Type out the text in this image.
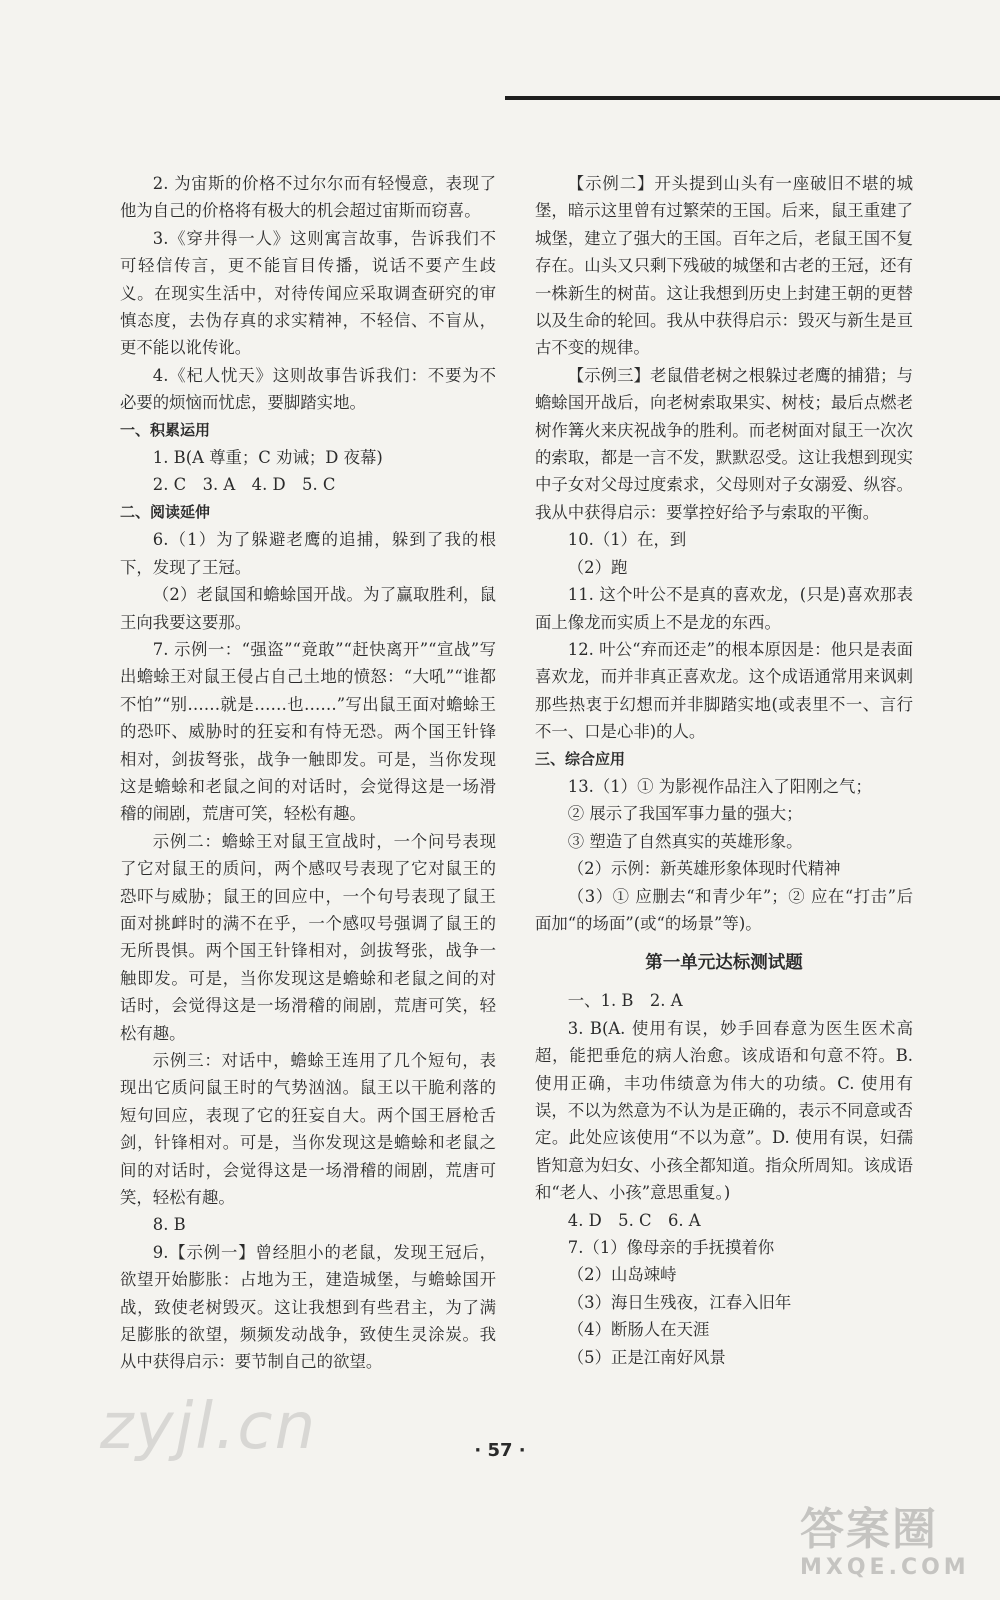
2. 为宙斯的价格不过尔尔而有轻慢意，表现了他为自己的价格将有极大的机会超过宙斯而窃喜。

3.《穿井得一人》这则寓言故事，告诉我们不可轻信传言，更不能盲目传播，说话不要产生歧义。在现实生活中，对待传闻应采取调查研究的审慎态度，去伪存真的求实精神，不轻信、不盲从，更不能以讹传讹。

4.《杞人忧天》这则故事告诉我们：不要为不必要的烦恼而忧虑，要脚踏实地。

一、积累运用

1. B(A 尊重；C 劝诫；D 夜幕)

2. C　3. A　4. D　5. C

二、阅读延伸

6.（1）为了躲避老鹰的追捕，躲到了我的根下，发现了王冠。

（2）老鼠国和蟾蜍国开战。为了赢取胜利，鼠王向我要这要那。

7. 示例一：“强盗”“竟敢”“赶快离开”“宣战”写出蟾蜍王对鼠王侵占自己土地的愤怒：“大吼”“谁都不怕”“别……就是……也……”写出鼠王面对蟾蜍王的恐吓、威胁时的狂妄和有恃无恐。两个国王针锋相对，剑拔弩张，战争一触即发。可是，当你发现这是蟾蜍和老鼠之间的对话时，会觉得这是一场滑稽的闹剧，荒唐可笑，轻松有趣。

示例二：蟾蜍王对鼠王宣战时，一个问号表现了它对鼠王的质问，两个感叹号表现了它对鼠王的恐吓与威胁；鼠王的回应中，一个句号表现了鼠王面对挑衅时的满不在乎，一个感叹号强调了鼠王的无所畏惧。两个国王针锋相对，剑拔弩张，战争一触即发。可是，当你发现这是蟾蜍和老鼠之间的对话时，会觉得这是一场滑稽的闹剧，荒唐可笑，轻松有趣。

示例三：对话中，蟾蜍王连用了几个短句，表现出它质问鼠王时的气势汹汹。鼠王以干脆利落的短句回应，表现了它的狂妄自大。两个国王唇枪舌剑，针锋相对。可是，当你发现这是蟾蜍和老鼠之间的对话时，会觉得这是一场滑稽的闹剧，荒唐可笑，轻松有趣。

8. B

9.【示例一】曾经胆小的老鼠，发现王冠后，欲望开始膨胀：占地为王，建造城堡，与蟾蜍国开战，致使老树毁灭。这让我想到有些君主，为了满足膨胀的欲望，频频发动战争，致使生灵涂炭。我从中获得启示：要节制自己的欲望。

【示例二】开头提到山头有一座破旧不堪的城堡，暗示这里曾有过繁荣的王国。后来，鼠王重建了城堡，建立了强大的王国。百年之后，老鼠王国不复存在。山头又只剩下残破的城堡和古老的王冠，还有一株新生的树苗。这让我想到历史上封建王朝的更替以及生命的轮回。我从中获得启示：毁灭与新生是亘古不变的规律。

【示例三】老鼠借老树之根躲过老鹰的捕猎；与蟾蜍国开战后，向老树索取果实、树枝；最后点燃老树作篝火来庆祝战争的胜利。而老树面对鼠王一次次的索取，都是一言不发，默默忍受。这让我想到现实中子女对父母过度索求，父母则对子女溺爱、纵容。我从中获得启示：要掌控好给予与索取的平衡。

10.（1）在，到

（2）跑

11. 这个叶公不是真的喜欢龙，(只是)喜欢那表面上像龙而实质上不是龙的东西。

12. 叶公“弃而还走”的根本原因是：他只是表面喜欢龙，而并非真正喜欢龙。这个成语通常用来讽刺那些热衷于幻想而并非脚踏实地(或表里不一、言行不一、口是心非)的人。

三、综合应用

13.（1）① 为影视作品注入了阳刚之气；

② 展示了我国军事力量的强大；

③ 塑造了自然真实的英雄形象。

（2）示例：新英雄形象体现时代精神

（3）① 应删去“和青少年”；② 应在“打击”后面加“的场面”(或“的场景”等)。

第一单元达标测试题

一、1. B　2. A

3. B(A. 使用有误，妙手回春意为医生医术高超，能把垂危的病人治愈。该成语和句意不符。B. 使用正确，丰功伟绩意为伟大的功绩。C. 使用有误，不以为然意为不认为是正确的，表示不同意或否定。此处应该使用“不以为意”。D. 使用有误，妇孺皆知意为妇女、小孩全都知道。指众所周知。该成语和“老人、小孩”意思重复。)

4. D　5. C　6. A

7.（1）像母亲的手抚摸着你

（2）山岛竦峙

（3）海日生残夜，江春入旧年

（4）断肠人在天涯

（5）正是江南好风景

· 57 ·
zyjl.cn
答案圈
MXQE.COM
